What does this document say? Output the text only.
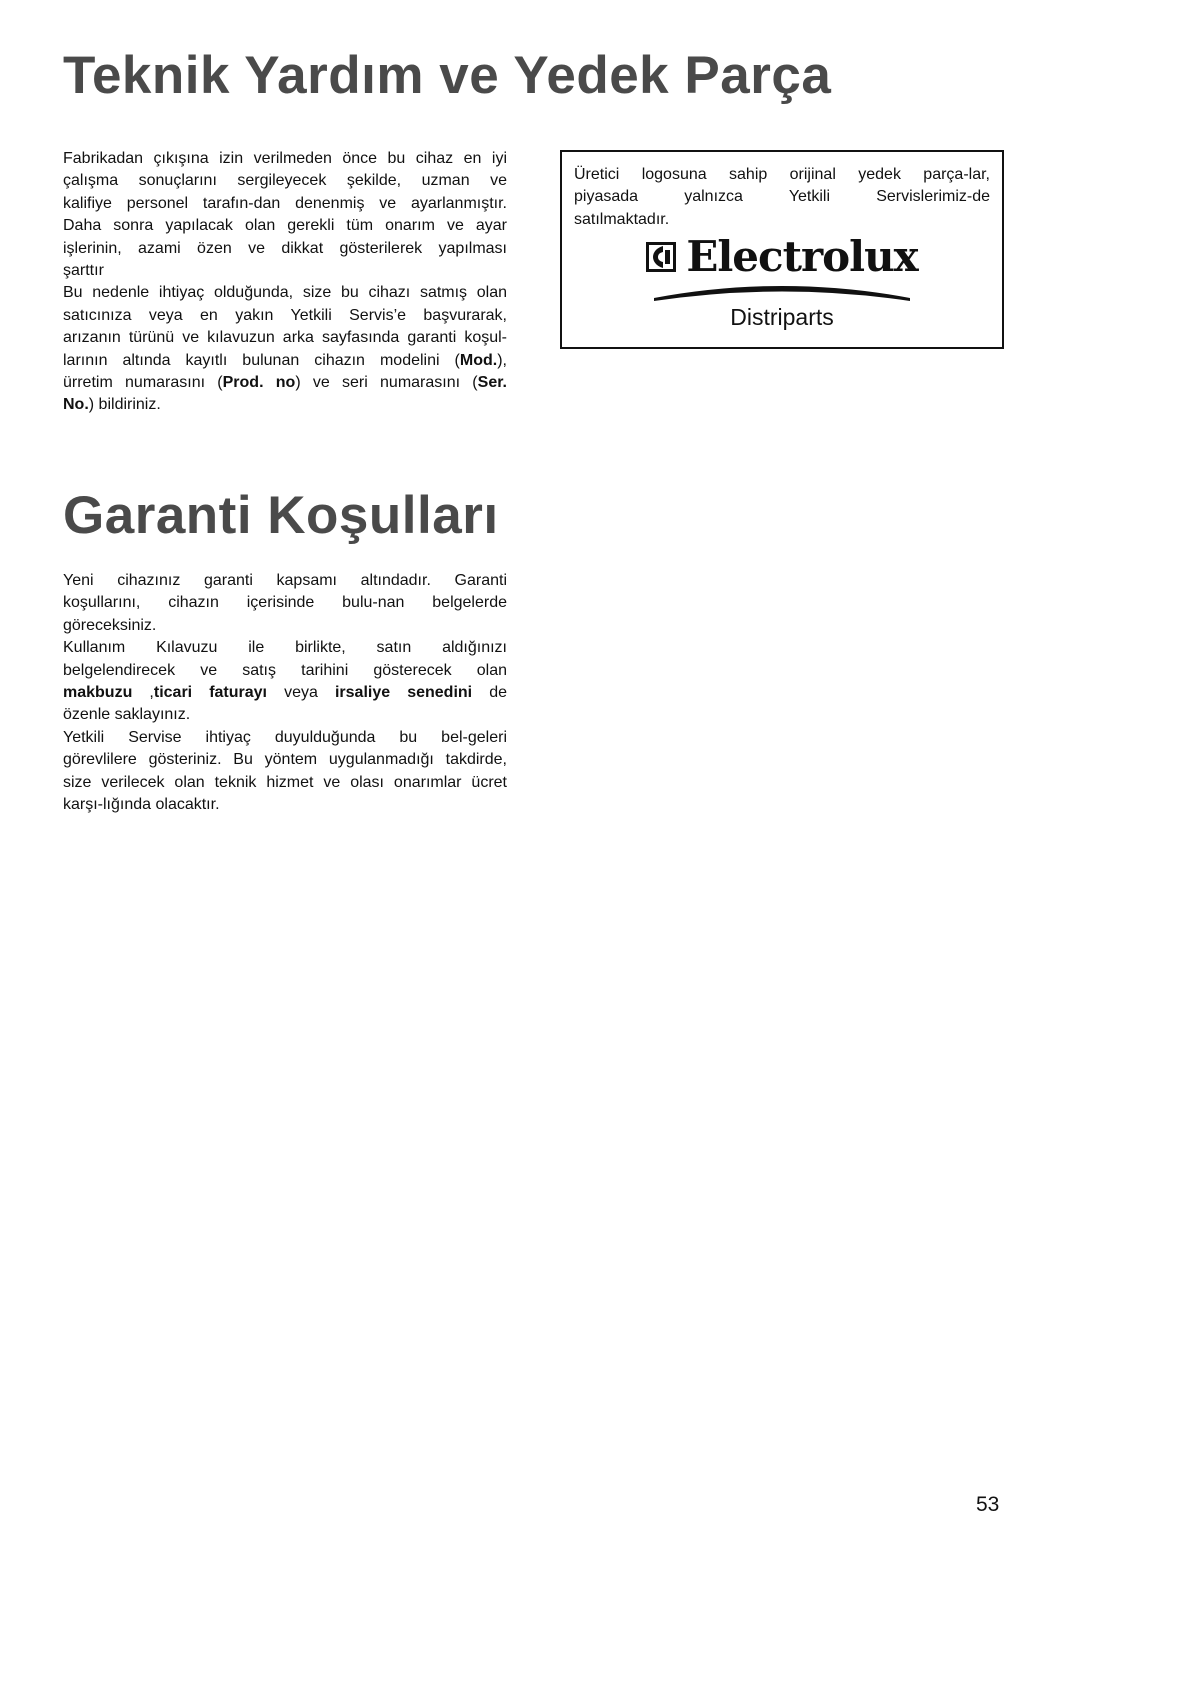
Teknik Yardım ve Yedek Parça
Fabrikadan çıkışına izin verilmeden önce bu cihaz en iyi
çalışma sonuçlarını sergileyecek şekilde, uzman ve
kalifiye personel tarafın-dan denenmiş ve ayarlanmıştır.
Daha sonra yapılacak olan gerekli tüm onarım ve ayar
işlerinin, azami özen ve dikkat gösterilerek yapılması
şarttır
Bu nedenle ihtiyaç olduğunda, size bu cihazı satmış olan
satıcınıza veya en yakın Yetkili Servis’e başvurarak,
arızanın türünü ve kılavuzun arka sayfasında garanti koşul-
larının altında kayıtlı bulunan cihazın modelini (Mod.),
ürretim numarasını (Prod. no) ve seri numarasını (Ser.
No.) bildiriniz.
Üretici logosuna sahip orijinal yedek parça-lar,
piyasada yalnızca Yetkili Servislerimiz-de
satılmaktadır.
Electrolux
Distriparts
Garanti Koşulları
Yeni cihazınız garanti kapsamı altındadır. Garanti
koşullarını, cihazın içerisinde bulu-nan belgelerde
göreceksiniz.
Kullanım Kılavuzu ile birlikte, satın aldığınızı
belgelendirecek ve satış tarihini gösterecek olan
makbuzu ,ticari faturayı veya irsaliye senedini de
özenle saklayınız.
Yetkili Servise ihtiyaç duyulduğunda bu bel-geleri
görevlilere gösteriniz. Bu yöntem uygulanmadığı takdirde,
size verilecek olan teknik hizmet ve olası onarımlar ücret
karşı-lığında olacaktır.
53
